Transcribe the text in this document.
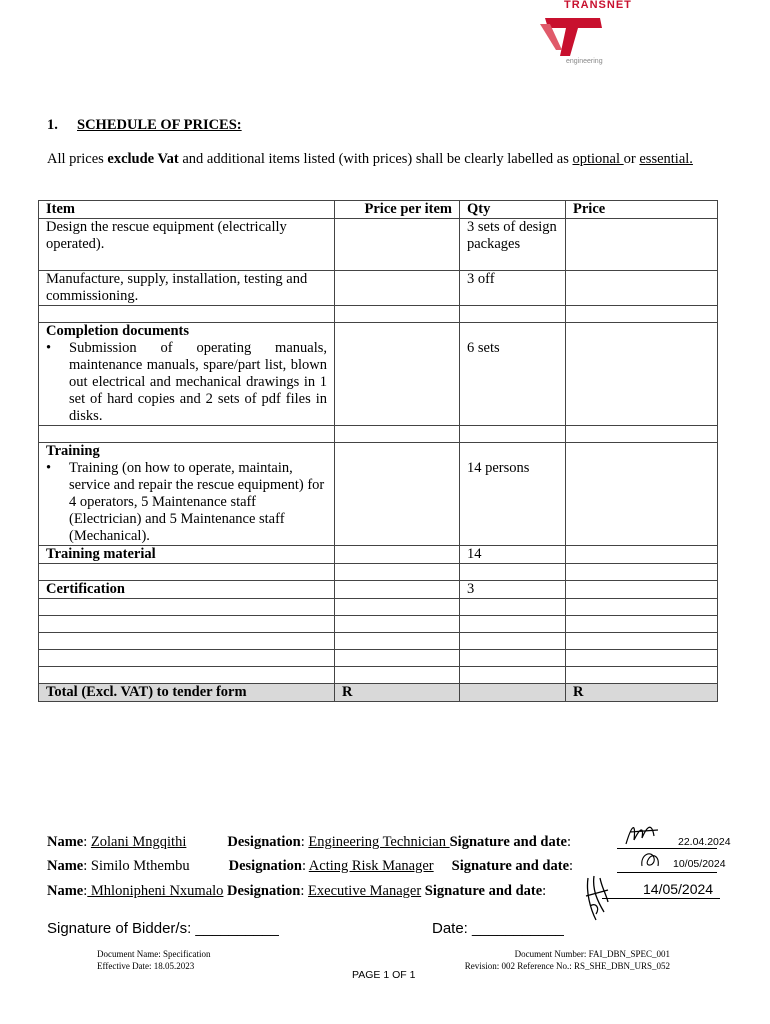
TRANSNET
engineering
1. SCHEDULE OF PRICES:
All prices exclude Vat and additional items listed (with prices) shall be clearly labelled as optional or essential.
Item	Price per item	Qty	Price
Design the rescue equipment (electrically operated).		3 sets of design packages	
Manufacture, supply, installation, testing and commissioning.		3 off	

Completion documents
• Submission of operating manuals, maintenance manuals, spare/part list, blown out electrical and mechanical drawings in 1 set of hard copies and 2 sets of pdf files in disks.		6 sets	

Training
• Training (on how to operate, maintain, service and repair the rescue equipment) for 4 operators, 5 Maintenance staff (Electrician) and 5 Maintenance staff (Mechanical).		14 persons	
Training material		14	

Certification		3	

Total (Excl. VAT) to tender form	R		R
Name: Zolani Mngqithi	Designation: Engineering Technician Signature and date:	22.04.2024
Name: Similo Mthembu	Designation: Acting Risk Manager Signature and date:	10/05/2024
Name: Mhlonipheni Nxumalo Designation: Executive Manager Signature and date:	14/05/2024
Signature of Bidder/s: __________	Date: ___________
Document Name: Specification
Effective Date: 18.05.2023
Document Number: FAI_DBN_SPEC_001
Revision: 002 Reference No.: RS_SHE_DBN_URS_052
PAGE 1 OF 1
